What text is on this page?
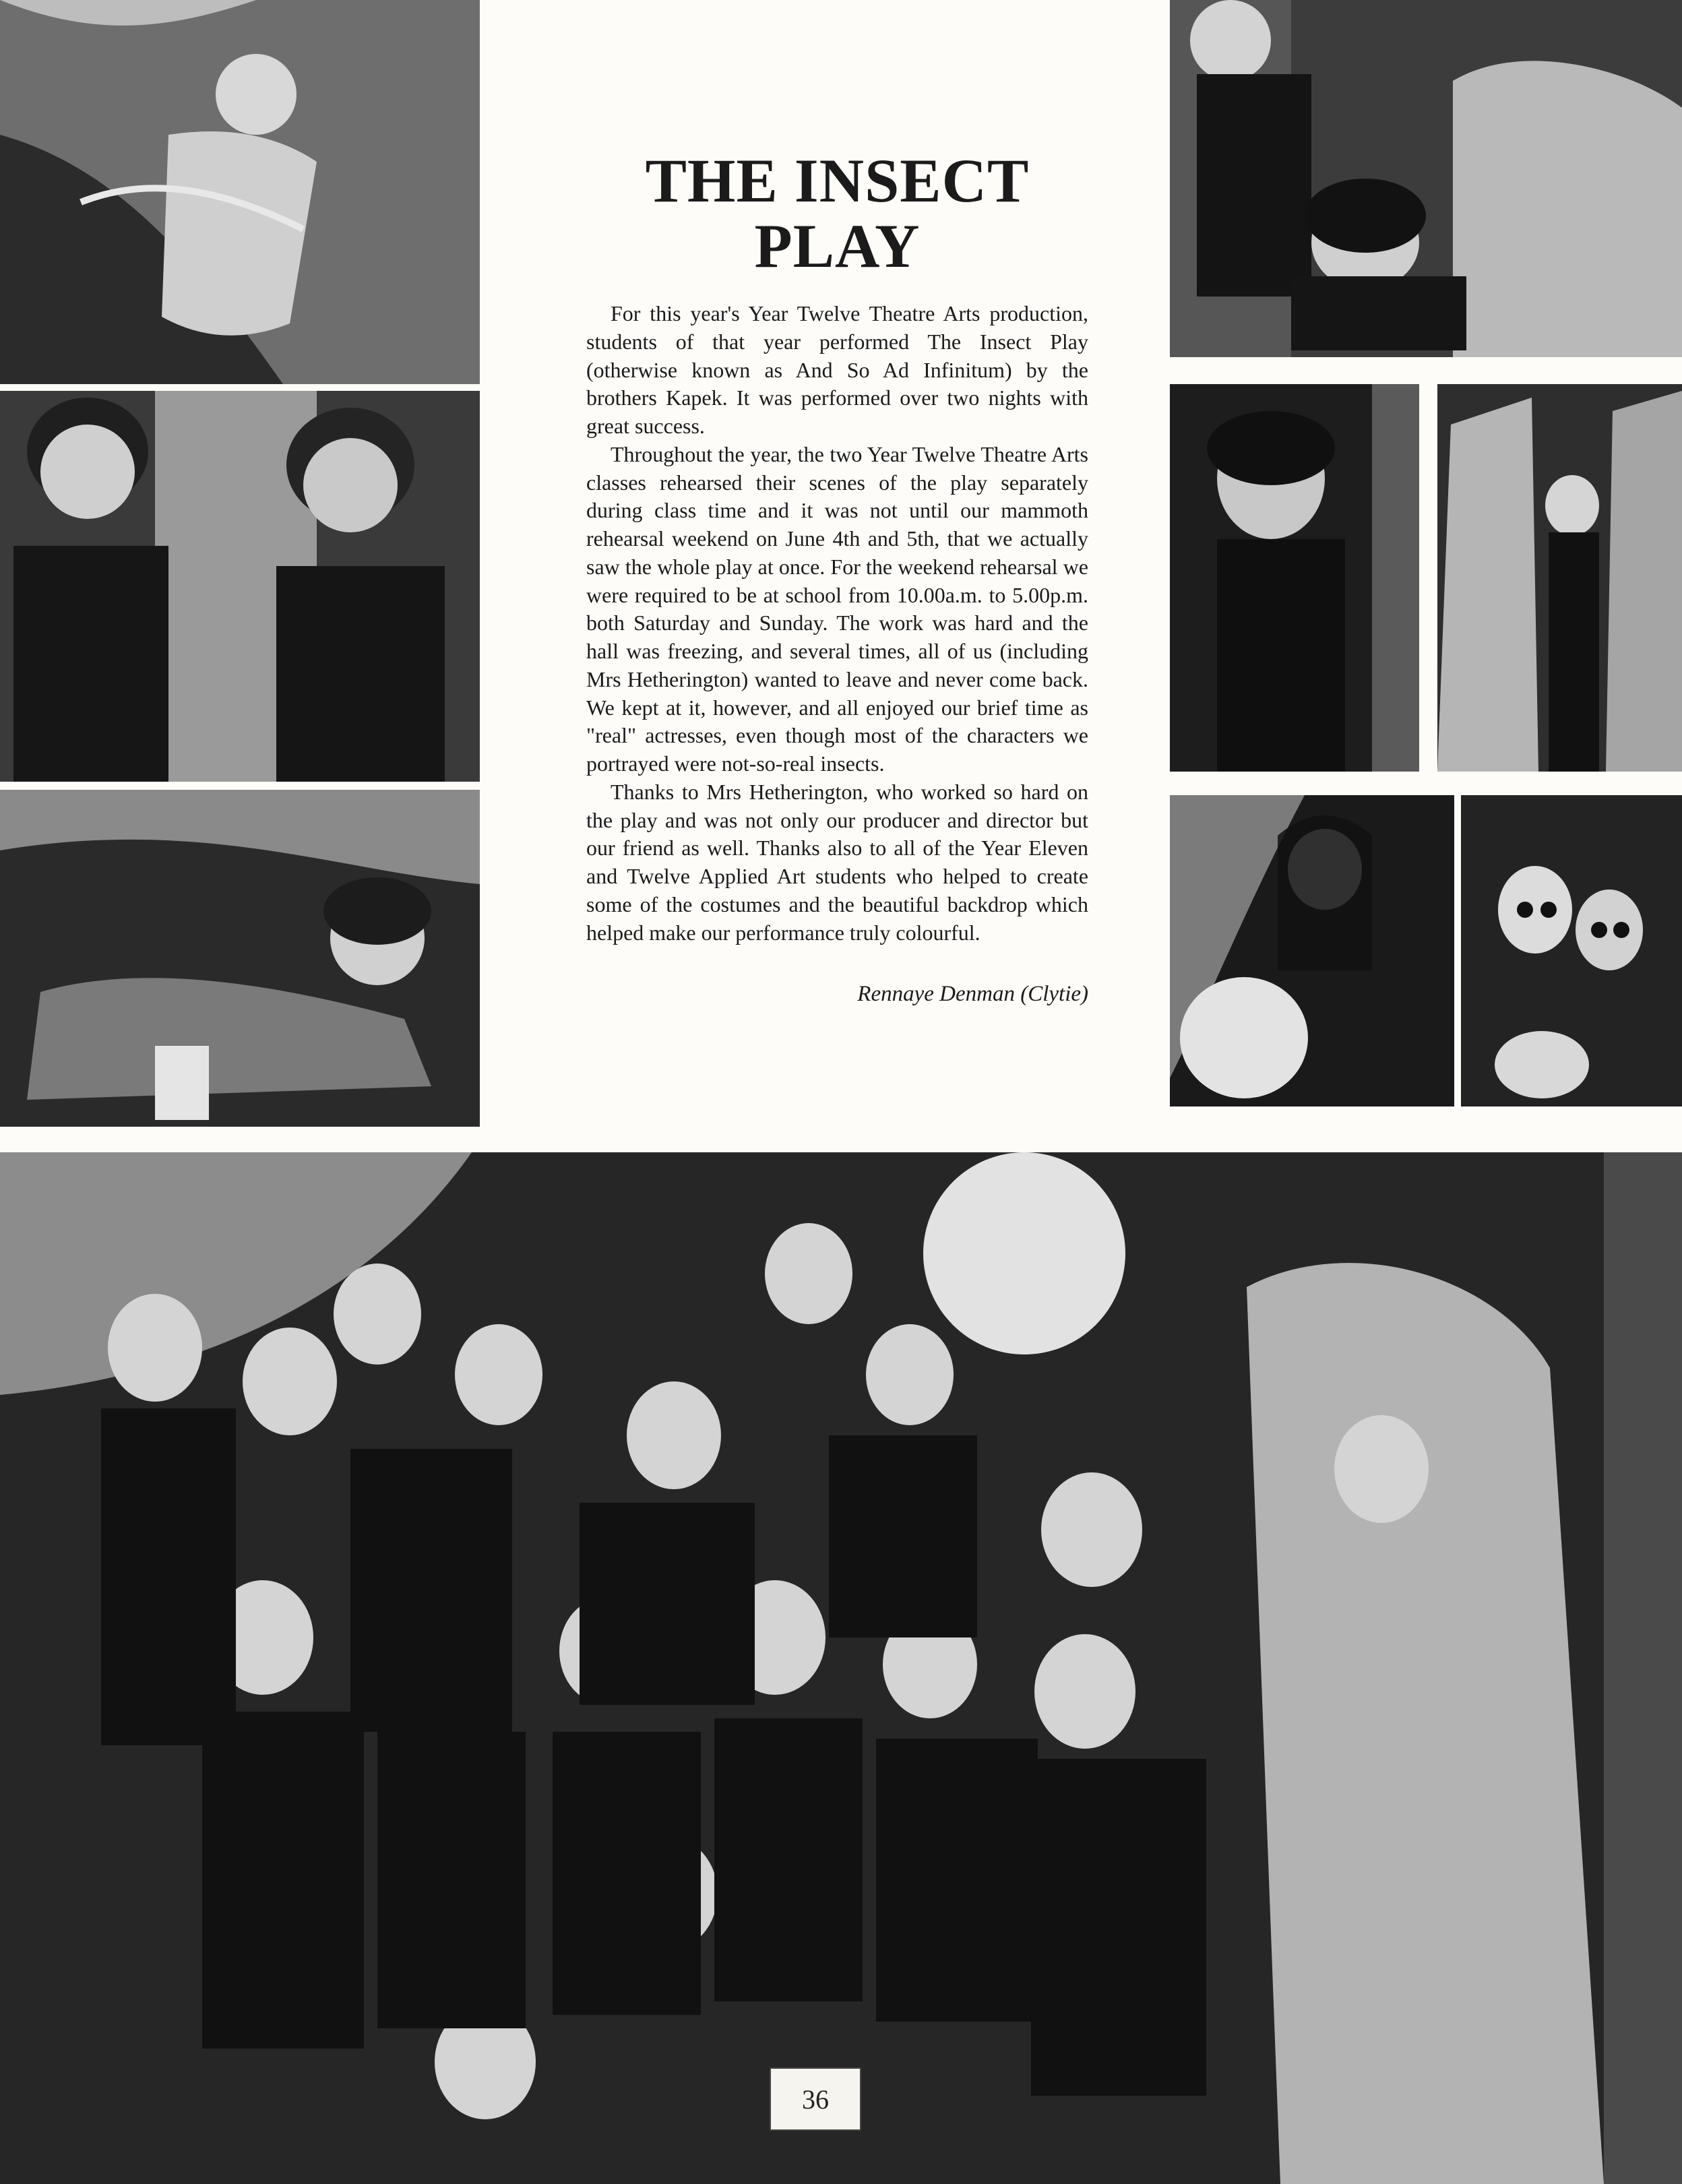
THE INSECT PLAY

For this year's Year Twelve Theatre Arts production, students of that year performed The Insect Play (otherwise known as And So Ad Infinitum) by the brothers Kapek. It was performed over two nights with great success.

Throughout the year, the two Year Twelve Theatre Arts classes rehearsed their scenes of the play separately during class time and it was not until our mammoth rehearsal weekend on June 4th and 5th, that we actually saw the whole play at once. For the weekend rehearsal we were required to be at school from 10.00a.m. to 5.00p.m. both Saturday and Sunday. The work was hard and the hall was freezing, and several times, all of us (including Mrs Hetherington) wanted to leave and never come back. We kept at it, however, and all enjoyed our brief time as "real" actresses, even though most of the characters we portrayed were not-so-real insects.

Thanks to Mrs Hetherington, who worked so hard on the play and was not only our producer and director but our friend as well. Thanks also to all of the Year Eleven and Twelve Applied Art students who helped to create some of the costumes and the beautiful backdrop which helped make our performance truly colourful.

Rennaye Denman (Clytie)
36
